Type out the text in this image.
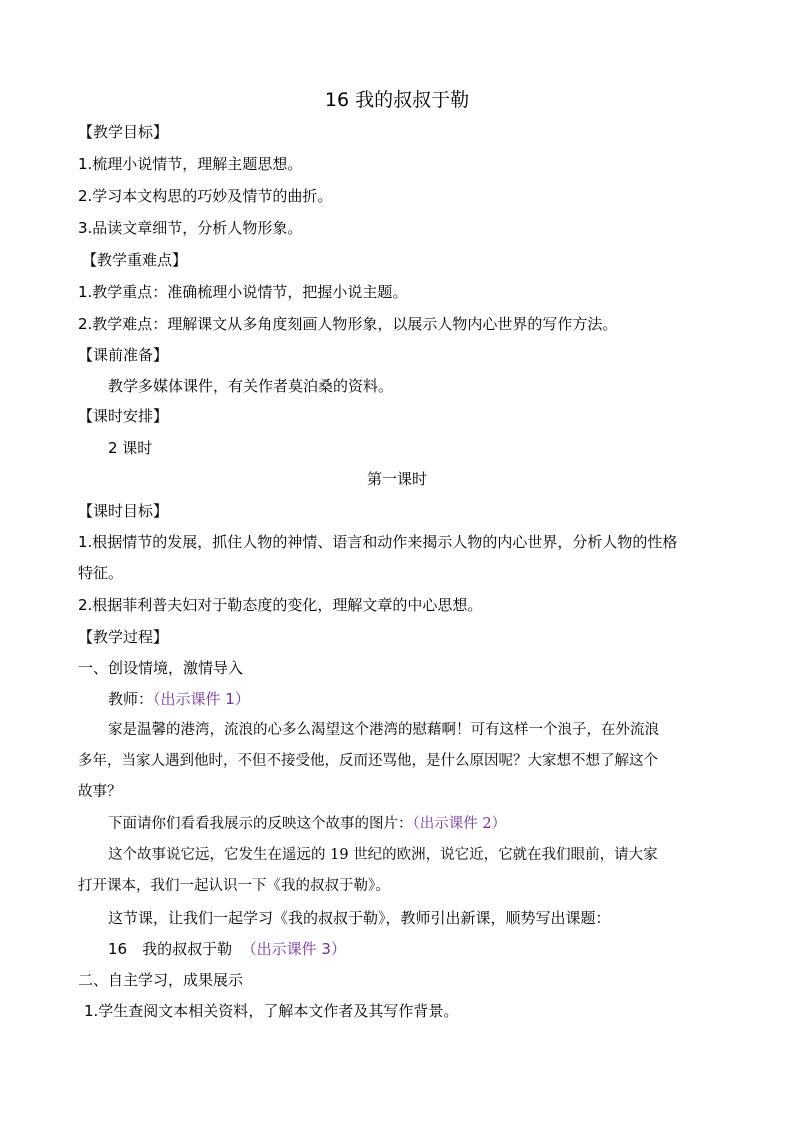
16 我的叔叔于勒
【教学目标】
1.梳理小说情节，理解主题思想。
2.学习本文构思的巧妙及情节的曲折。
3.品读文章细节，分析人物形象。
【教学重难点】
1.教学重点：准确梳理小说情节，把握小说主题。
2.教学难点：理解课文从多角度刻画人物形象，以展示人物内心世界的写作方法。
【课前准备】
教学多媒体课件，有关作者莫泊桑的资料。
【课时安排】
2 课时
第一课时
【课时目标】
1.根据情节的发展，抓住人物的神情、语言和动作来揭示人物的内心世界，分析人物的性格
特征。
2.根据菲利普夫妇对于勒态度的变化，理解文章的中心思想。
【教学过程】
一、创设情境，激情导入
教师：（出示课件 1）
家是温馨的港湾，流浪的心多么渴望这个港湾的慰藉啊！可有这样一个浪子，在外流浪
多年，当家人遇到他时，不但不接受他，反而还骂他，是什么原因呢？大家想不想了解这个
故事？
下面请你们看看我展示的反映这个故事的图片：（出示课件 2）
这个故事说它远，它发生在遥远的 19 世纪的欧洲，说它近，它就在我们眼前，请大家
打开课本，我们一起认识一下《我的叔叔于勒》。
这节课，让我们一起学习《我的叔叔于勒》，教师引出新课，顺势写出课题：
16　我的叔叔于勒 （出示课件 3）
二、自主学习，成果展示
1.学生查阅文本相关资料，了解本文作者及其写作背景。
